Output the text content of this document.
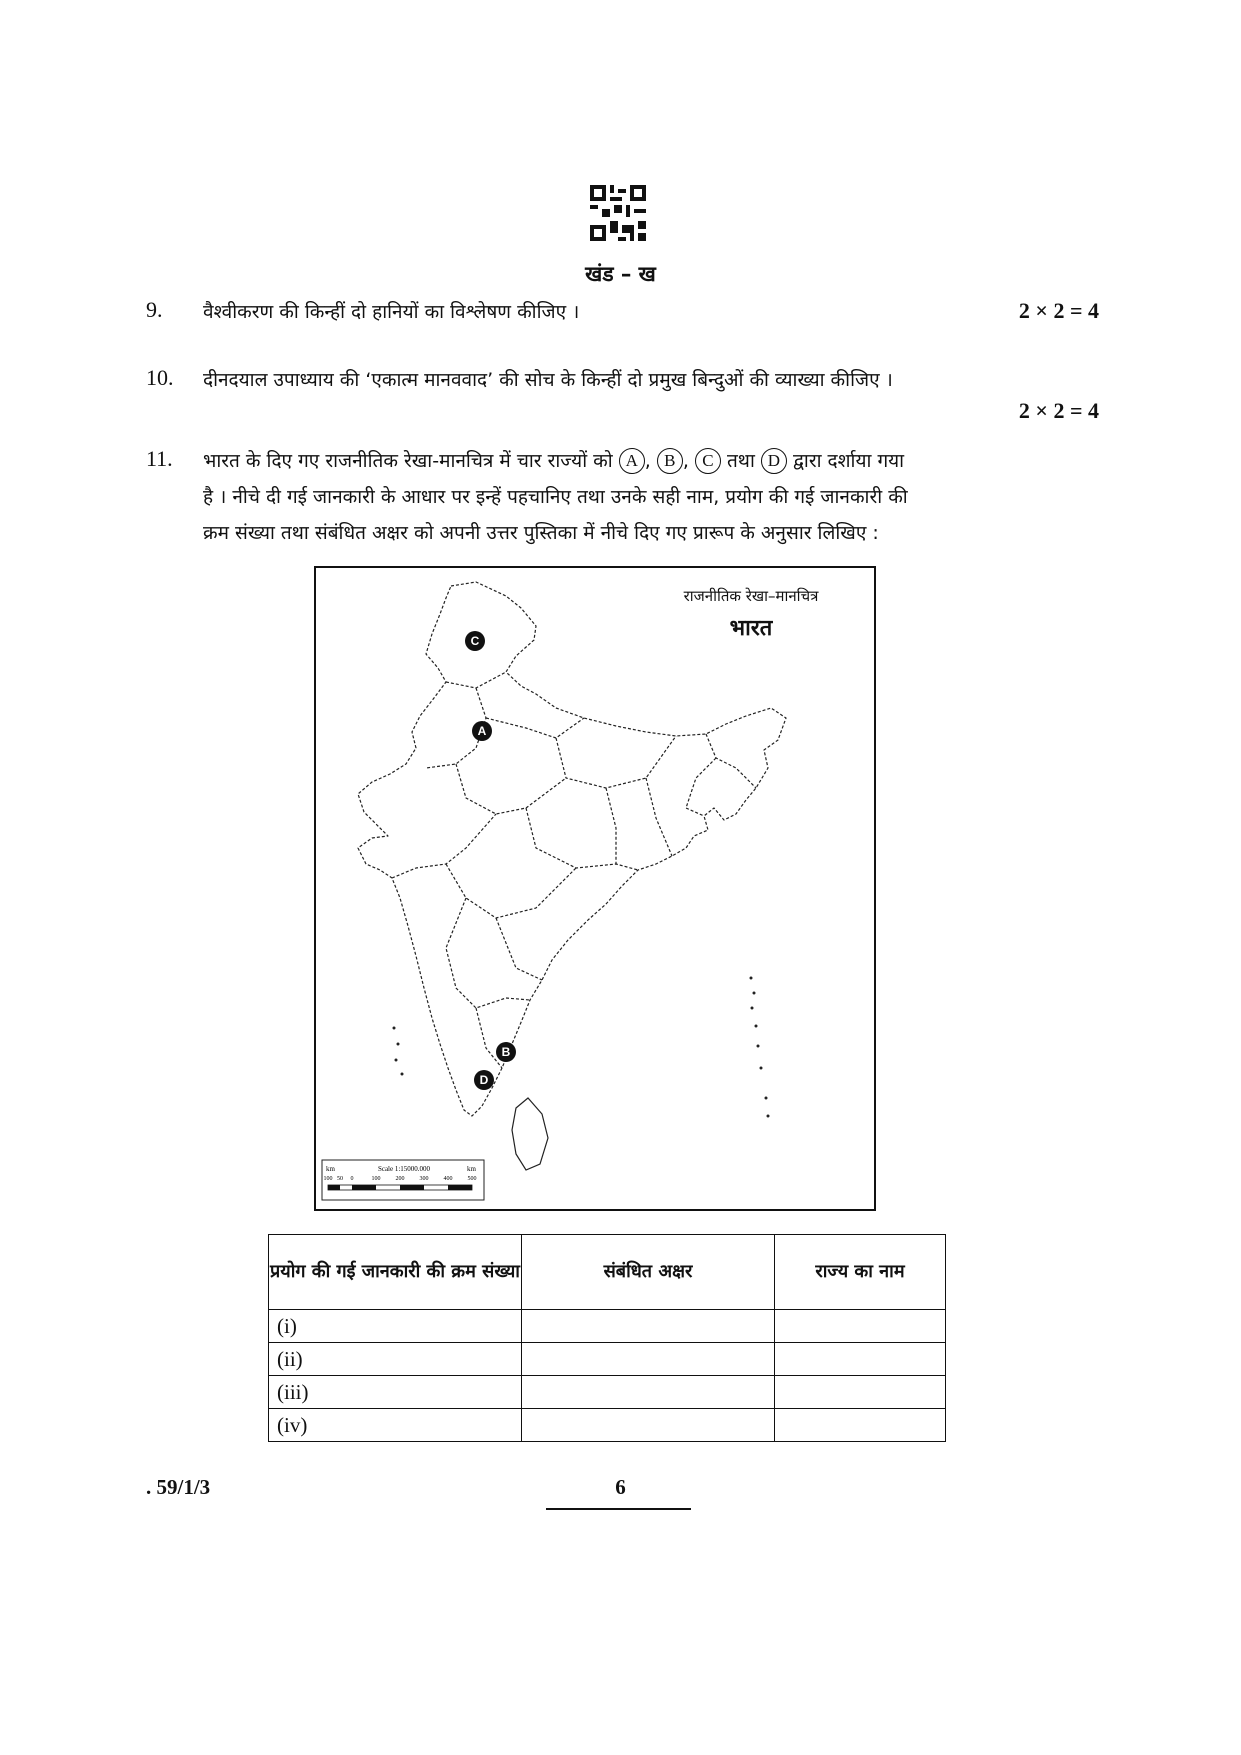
खंड – ख
9. वैश्वीकरण की किन्हीं दो हानियों का विश्लेषण कीजिए ।	2 × 2 = 4
10. दीनदयाल उपाध्याय की ‘एकात्म मानववाद’ की सोच के किन्हीं दो प्रमुख बिन्दुओं की व्याख्या कीजिए ।
2 × 2 = 4
11. भारत के दिए गए राजनीतिक रेखा-मानचित्र में चार राज्यों को A , B , C तथा D द्वारा दर्शाया गया
है । नीचे दी गई जानकारी के आधार पर इन्हें पहचानिए तथा उनके सही नाम, प्रयोग की गई जानकारी की
क्रम संख्या तथा संबंधित अक्षर को अपनी उत्तर पुस्तिका में नीचे दिए गए प्रारूप के अनुसार लिखिए :
C
A
B
D
km	km
Scale 1:15000.000
100 50 0	100	200	300	400	500
राजनीतिक रेखा–मानचित्र
भारत
प्रयोग की गई जानकारी की क्रम संख्या	संबंधित अक्षर	राज्य का नाम
(i)		
(ii)		
(iii)		
(iv)		
. 59/1/3	6
